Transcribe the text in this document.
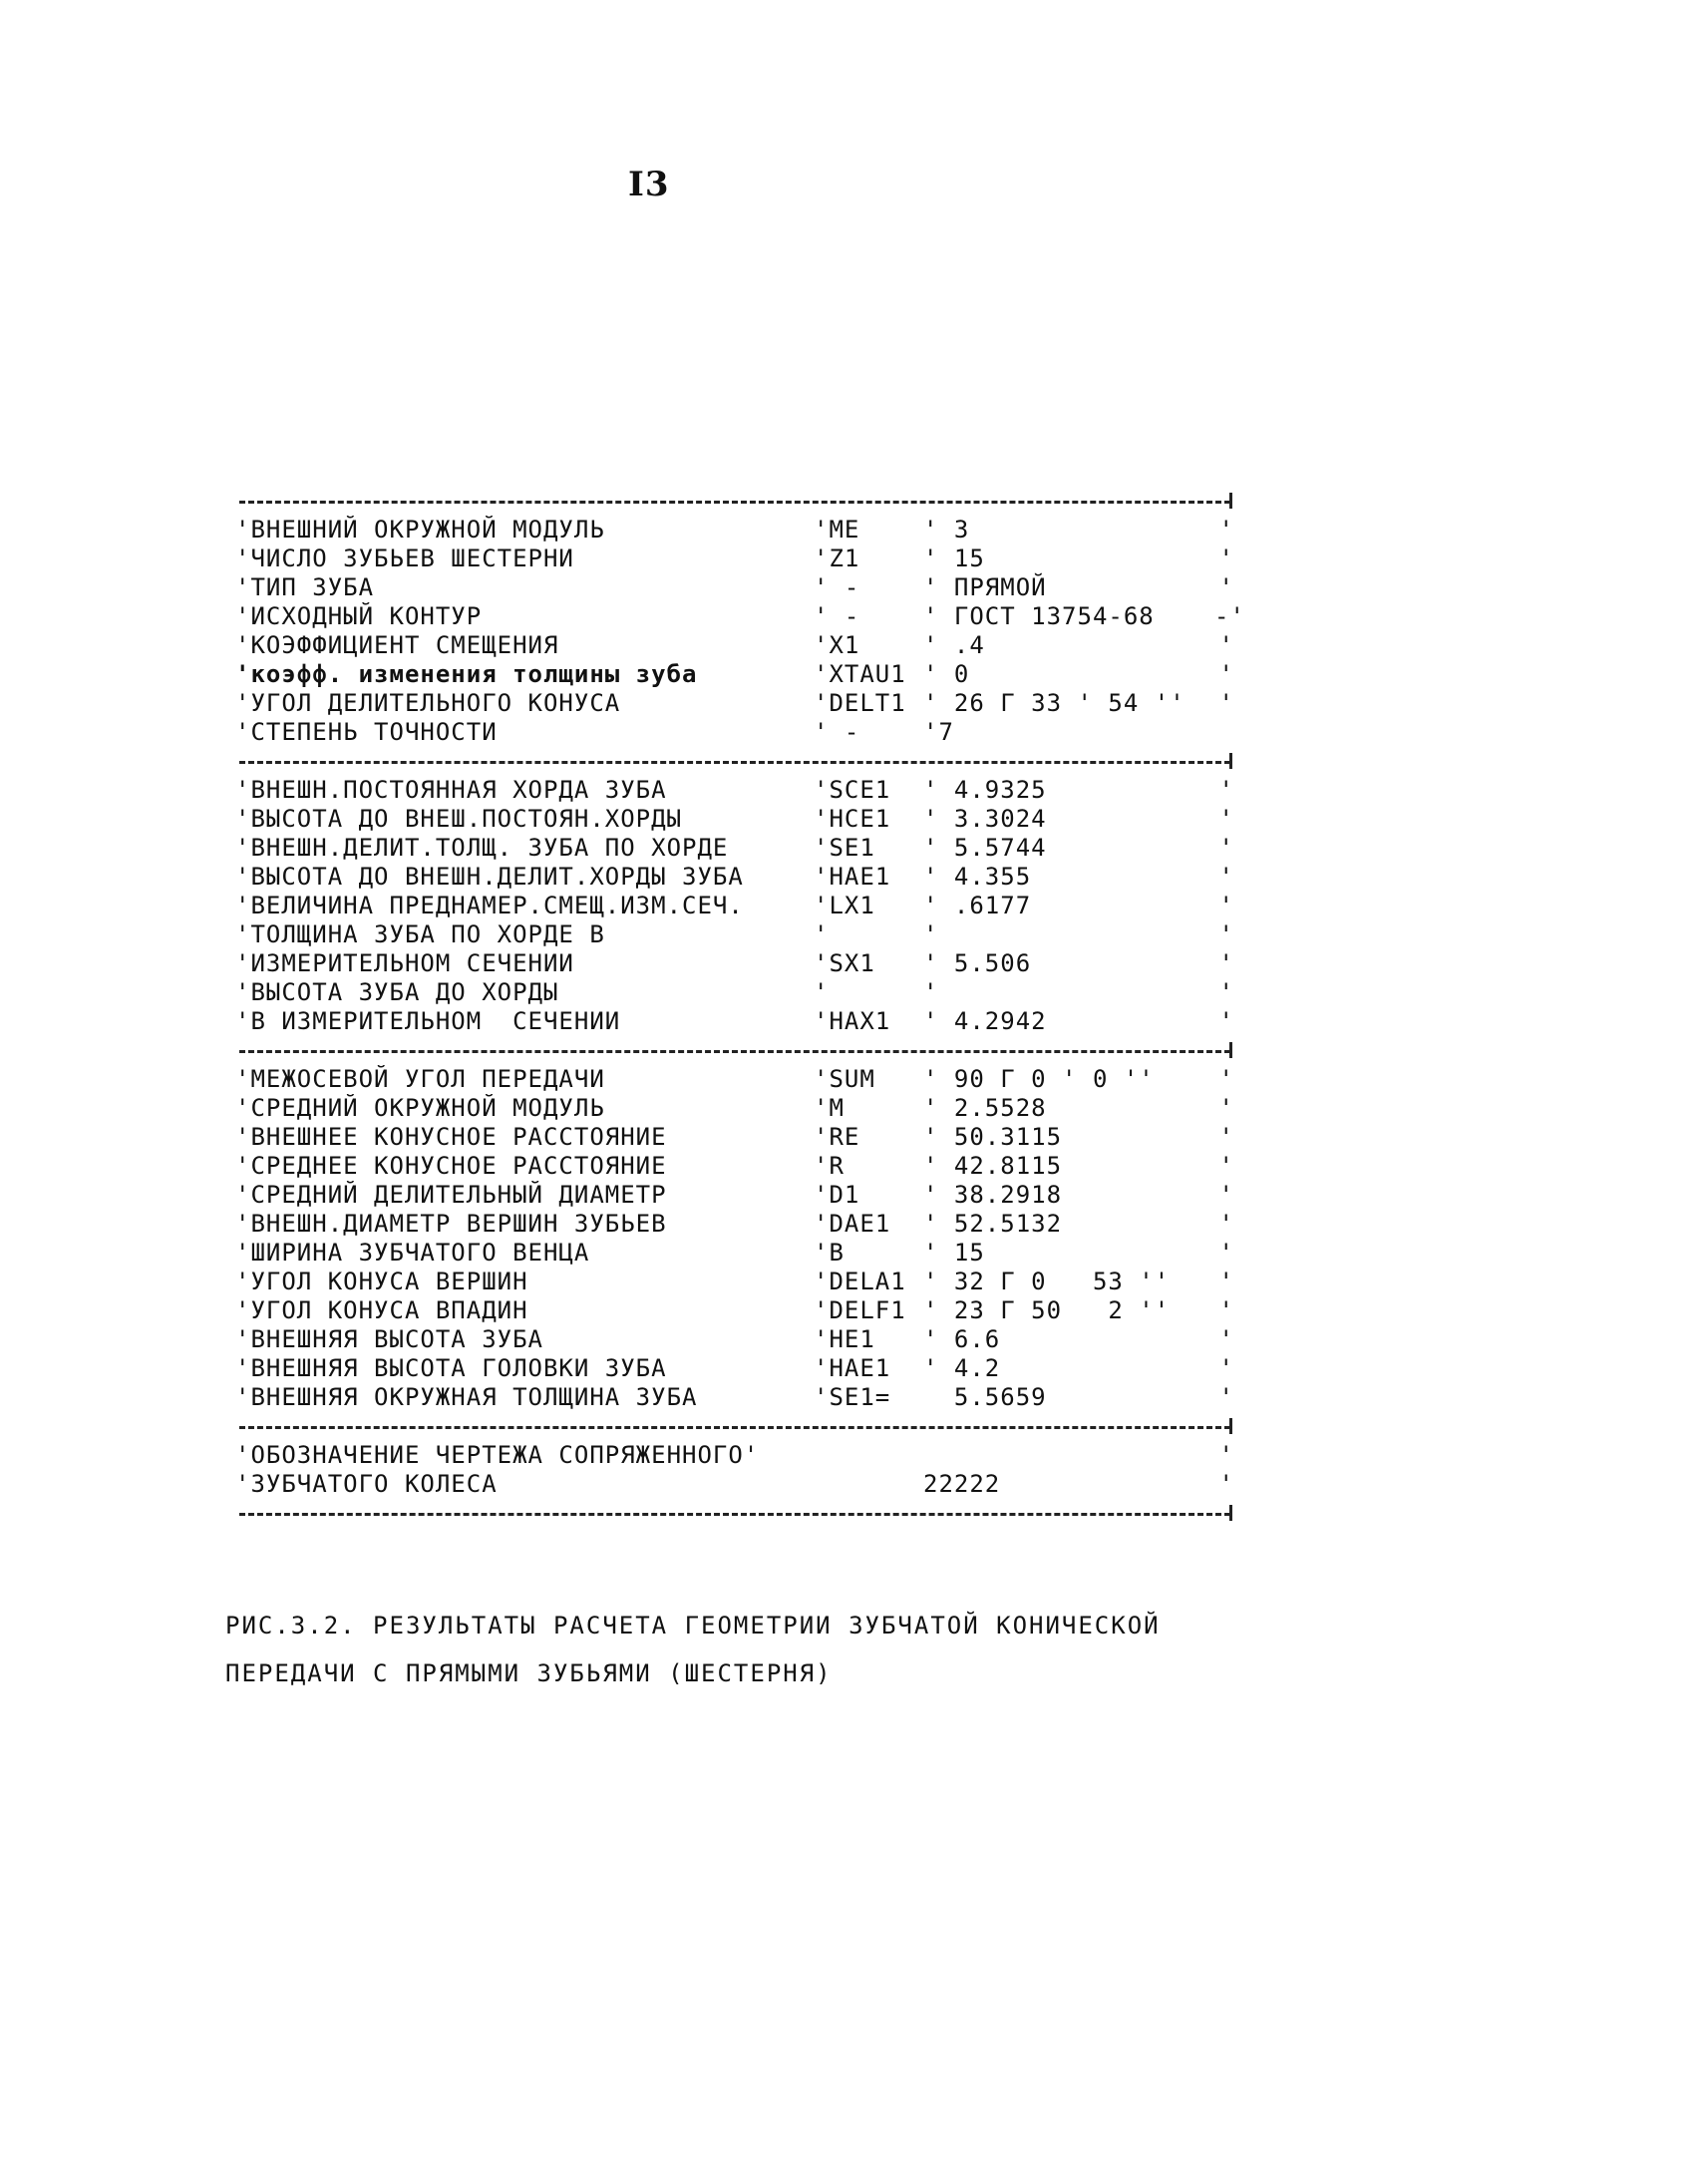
I3
'ВНЕШНИЙ ОКРУЖНОЙ МОДУЛЬ	'ME	' 3	'
'ЧИСЛО ЗУБЬЕВ ШЕСТЕРНИ	'Z1	' 15	'
'ТИП ЗУБА	' -	' ПРЯМОЙ	'
'ИСХОДНЫЙ КОНТУР	' -	' ГОСТ 13754-68	-'
'КОЭФФИЦИЕНТ СМЕЩЕНИЯ	'X1	' .4	'
'коэфф. изменения толщины зуба	'XTAU1 ' 0	'
'УГОЛ ДЕЛИТЕЛЬНОГО КОНУСА	'DELT1 ' 26 Г 33 ' 54 ''	'
'СТЕПЕНЬ ТОЧНОСТИ	' -	'7
'ВНЕШН.ПОСТОЯННАЯ ХОРДА ЗУБА	'SCE1	' 4.9325	'
'ВЫСОТА ДО ВНЕШ.ПОСТОЯН.ХОРДЫ	'HCE1	' 3.3024	'
'ВНЕШН.ДЕЛИТ.ТОЛЩ. ЗУБА ПО ХОРДЕ	'SE1	' 5.5744	'
'ВЫСОТА ДО ВНЕШН.ДЕЛИТ.ХОРДЫ ЗУБА	'HAE1	' 4.355	'
'ВЕЛИЧИНА ПРЕДНАМЕР.СМЕЩ.ИЗМ.СЕЧ.	'LX1	' .6177	'
'ТОЛЩИНА ЗУБА ПО ХОРДЕ В	'	'	'
'ИЗМЕРИТЕЛЬНОМ СЕЧЕНИИ	'SX1	' 5.506	'
'ВЫСОТА ЗУБА ДО ХОРДЫ	'	'	'
'В ИЗМЕРИТЕЛЬНОМ  СЕЧЕНИИ	'HAX1	' 4.2942	'
'МЕЖОСЕВОЙ УГОЛ ПЕРЕДАЧИ	'SUM	' 90 Г 0 ' 0 ''	'
'СРЕДНИЙ ОКРУЖНОЙ МОДУЛЬ	'M	' 2.5528	'
'ВНЕШНЕЕ КОНУСНОЕ РАССТОЯНИЕ	'RE	' 50.3115	'
'СРЕДНЕЕ КОНУСНОЕ РАССТОЯНИЕ	'R	' 42.8115	'
'СРЕДНИЙ ДЕЛИТЕЛЬНЫЙ ДИАМЕТР	'D1	' 38.2918	'
'ВНЕШН.ДИАМЕТР ВЕРШИН ЗУБЬЕВ	'DAE1	' 52.5132	'
'ШИРИНА ЗУБЧАТОГО ВЕНЦА	'B	' 15	'
'УГОЛ КОНУСА ВЕРШИН	'DELA1 ' 32 Г 0   53 ''	'
'УГОЛ КОНУСА ВПАДИН	'DELF1 ' 23 Г 50   2 ''	'
'ВНЕШНЯЯ ВЫСОТА ЗУБА	'HE1	' 6.6	'
'ВНЕШНЯЯ ВЫСОТА ГОЛОВКИ ЗУБА	'HAE1	' 4.2	'
'ВНЕШНЯЯ ОКРУЖНАЯ ТОЛЩИНА ЗУБА	'SE1=	5.5659	'
'ОБОЗНАЧЕНИЕ ЧЕРТЕЖА СОПРЯЖЕННОГО'	'
'ЗУБЧАТОГО КОЛЕСА	22222	'
РИС.3.2. РЕЗУЛЬТАТЫ РАСЧЕТА ГЕОМЕТРИИ ЗУБЧАТОЙ КОНИЧЕСКОЙ
ПЕРЕДАЧИ С ПРЯМЫМИ ЗУБЬЯМИ (ШЕСТЕРНЯ)
